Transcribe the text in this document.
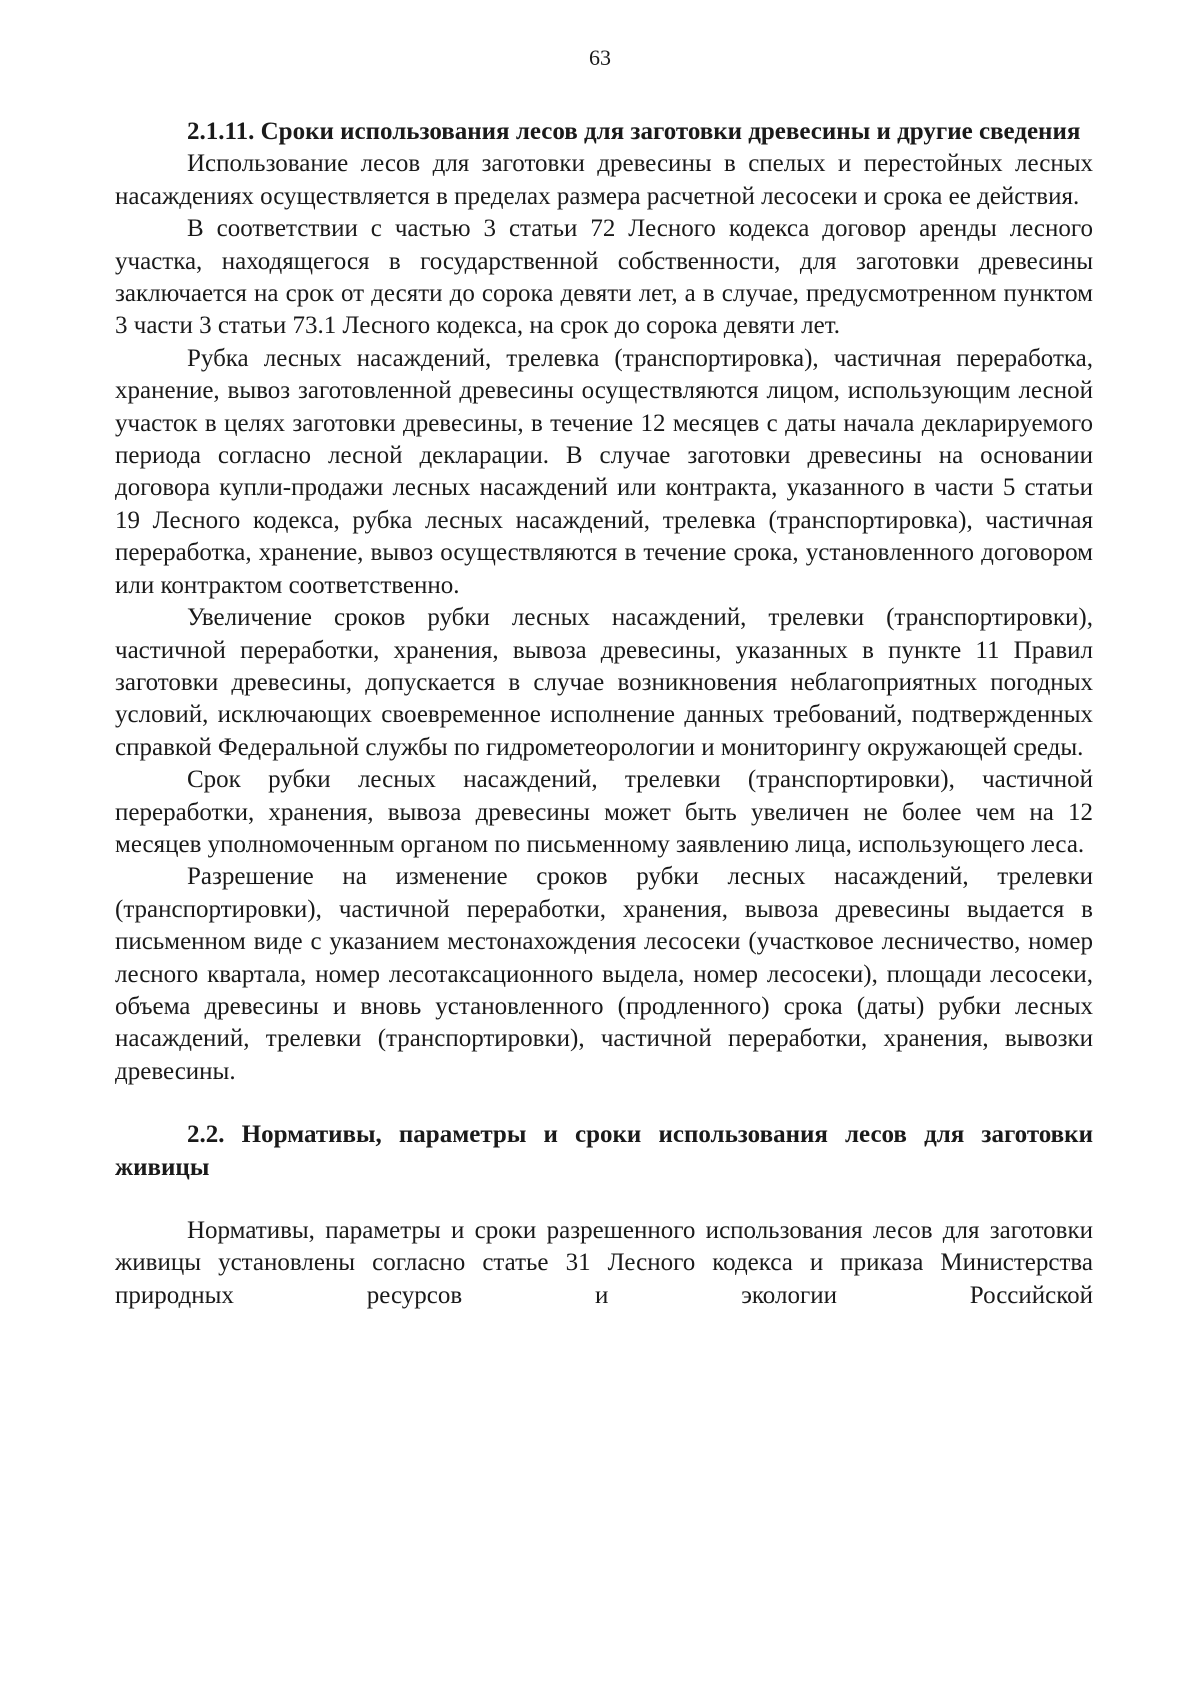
63

2.1.11. Сроки использования лесов для заготовки древесины и другие сведения

Использование лесов для заготовки древесины в спелых и перестойных лесных насаждениях осуществляется в пределах размера расчетной лесосеки и срока ее действия.

В соответствии с частью 3 статьи 72 Лесного кодекса договор аренды лесного участка, находящегося в государственной собственности, для заготовки древесины заключается на срок от десяти до сорока девяти лет, а в случае, предусмотренном пунктом 3 части 3 статьи 73.1 Лесного кодекса, на срок до сорока девяти лет.

Рубка лесных насаждений, трелевка (транспортировка), частичная переработка, хранение, вывоз заготовленной древесины осуществляются лицом, использующим лесной участок в целях заготовки древесины, в течение 12 месяцев с даты начала декларируемого периода согласно лесной декларации. В случае заготовки древесины на основании договора купли-продажи лесных насаждений или контракта, указанного в части 5 статьи 19 Лесного кодекса, рубка лесных насаждений, трелевка (транспортировка), частичная переработка, хранение, вывоз осуществляются в течение срока, установленного договором или контрактом соответственно.

Увеличение сроков рубки лесных насаждений, трелевки (транспортировки), частичной переработки, хранения, вывоза древесины, указанных в пункте 11 Правил заготовки древесины, допускается в случае возникновения неблагоприятных погодных условий, исключающих своевременное исполнение данных требований, подтвержденных справкой Федеральной службы по гидрометеорологии и мониторингу окружающей среды.

Срок рубки лесных насаждений, трелевки (транспортировки), частичной переработки, хранения, вывоза древесины может быть увеличен не более чем на 12 месяцев уполномоченным органом по письменному заявлению лица, использующего леса.

Разрешение на изменение сроков рубки лесных насаждений, трелевки (транспортировки), частичной переработки, хранения, вывоза древесины выдается в письменном виде с указанием местонахождения лесосеки (участковое лесничество, номер лесного квартала, номер лесотаксационного выдела, номер лесосеки), площади лесосеки, объема древесины и вновь установленного (продленного) срока (даты) рубки лесных насаждений, трелевки (транспортировки), частичной переработки, хранения, вывозки древесины.

2.2. Нормативы, параметры и сроки использования лесов для заготовки живицы

Нормативы, параметры и сроки разрешенного использования лесов для заготовки живицы установлены согласно статье 31 Лесного кодекса и приказа Министерства природных ресурсов и экологии Российской
